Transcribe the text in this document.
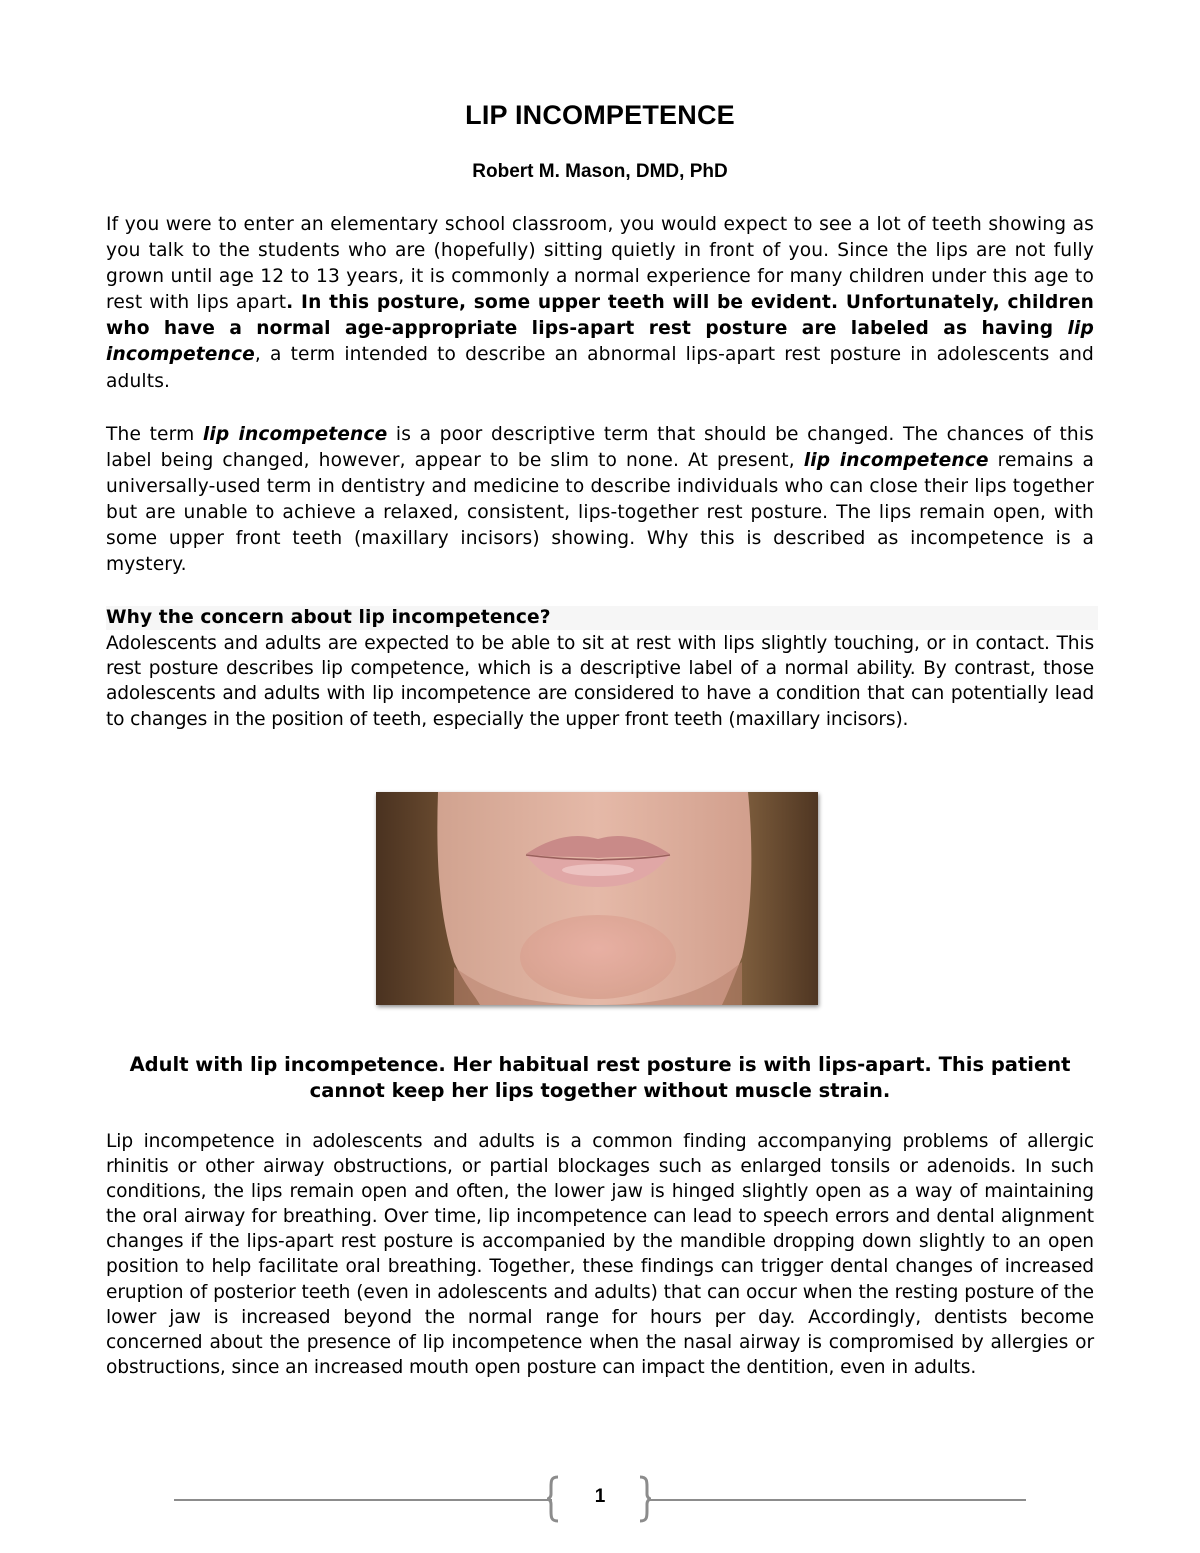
LIP INCOMPETENCE
Robert M. Mason, DMD, PhD

If you were to enter an elementary school classroom, you would expect to see a lot of teeth showing as you talk to the students who are (hopefully) sitting quietly in front of you. Since the lips are not fully grown until age 12 to 13 years, it is commonly a normal experience for many children under this age to rest with lips apart. In this posture, some upper teeth will be evident. Unfortunately, children who have a normal age-appropriate lips-apart rest posture are labeled as having lip incompetence, a term intended to describe an abnormal lips-apart rest posture in adolescents and adults.

The term lip incompetence is a poor descriptive term that should be changed. The chances of this label being changed, however, appear to be slim to none. At present, lip incompetence remains a universally-used term in dentistry and medicine to describe individuals who can close their lips together but are unable to achieve a relaxed, consistent, lips-together rest posture. The lips remain open, with some upper front teeth (maxillary incisors) showing. Why this is described as incompetence is a mystery.

Why the concern about lip incompetence?

Adolescents and adults are expected to be able to sit at rest with lips slightly touching, or in contact. This rest posture describes lip competence, which is a descriptive label of a normal ability. By contrast, those adolescents and adults with lip incompetence are considered to have a condition that can potentially lead to changes in the position of teeth, especially the upper front teeth (maxillary incisors).

Adult with lip incompetence. Her habitual rest posture is with lips-apart. This patient cannot keep her lips together without muscle strain.

Lip incompetence in adolescents and adults is a common finding accompanying problems of allergic rhinitis or other airway obstructions, or partial blockages such as enlarged tonsils or adenoids. In such conditions, the lips remain open and often, the lower jaw is hinged slightly open as a way of maintaining the oral airway for breathing. Over time, lip incompetence can lead to speech errors and dental alignment changes if the lips-apart rest posture is accompanied by the mandible dropping down slightly to an open position to help facilitate oral breathing. Together, these findings can trigger dental changes of increased eruption of posterior teeth (even in adolescents and adults) that can occur when the resting posture of the lower jaw is increased beyond the normal range for hours per day. Accordingly, dentists become concerned about the presence of lip incompetence when the nasal airway is compromised by allergies or obstructions, since an increased mouth open posture can impact the dentition, even in adults.

1
